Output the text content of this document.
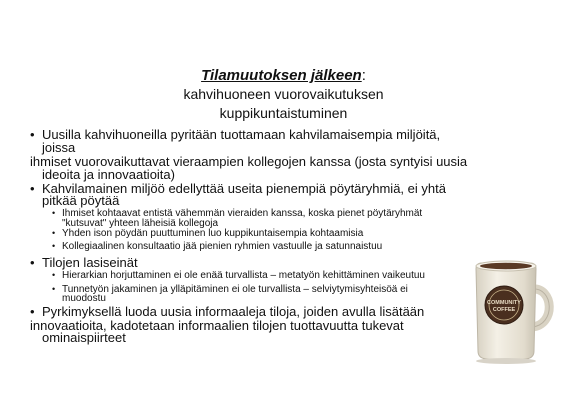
Tilamuutoksen jälkeen:
kahvihuoneen vuorovaikutuksen
kuppikuntaistuminen
• Uusilla kahvihuoneilla pyritään tuottamaan kahvilamaisempia miljöitä,
joissa
ihmiset vuorovaikuttavat vieraampien kollegojen kanssa (josta syntyisi uusia
ideoita ja innovaatioita)
• Kahvilamainen miljöö edellyttää useita pienempiä pöytäryhmiä, ei yhtä
pitkää pöytää
• Ihmiset kohtaavat entistä vähemmän vieraiden kanssa, koska pienet pöytäryhmät
"kutsuvat" yhteen läheisiä kollegoja
• Yhden ison pöydän puuttuminen luo kuppikuntaisempia kohtaamisia
• Kollegiaalinen konsultaatio jää pienien ryhmien vastuulle ja satunnaistuu
• Tilojen lasiseinät
• Hierarkian horjuttaminen ei ole enää turvallista – metatyön kehittäminen vaikeutuu
• Tunnetyön jakaminen ja ylläpitäminen ei ole turvallista – selviytymisyhteisöä ei
muodostu
• Pyrkimyksellä luoda uusia informaaleja tiloja, joiden avulla lisätään
innovaatioita, kadotetaan informaalien tilojen tuottavuutta tukevat
ominaispiirteet
COMMUNITY
COFFEE
